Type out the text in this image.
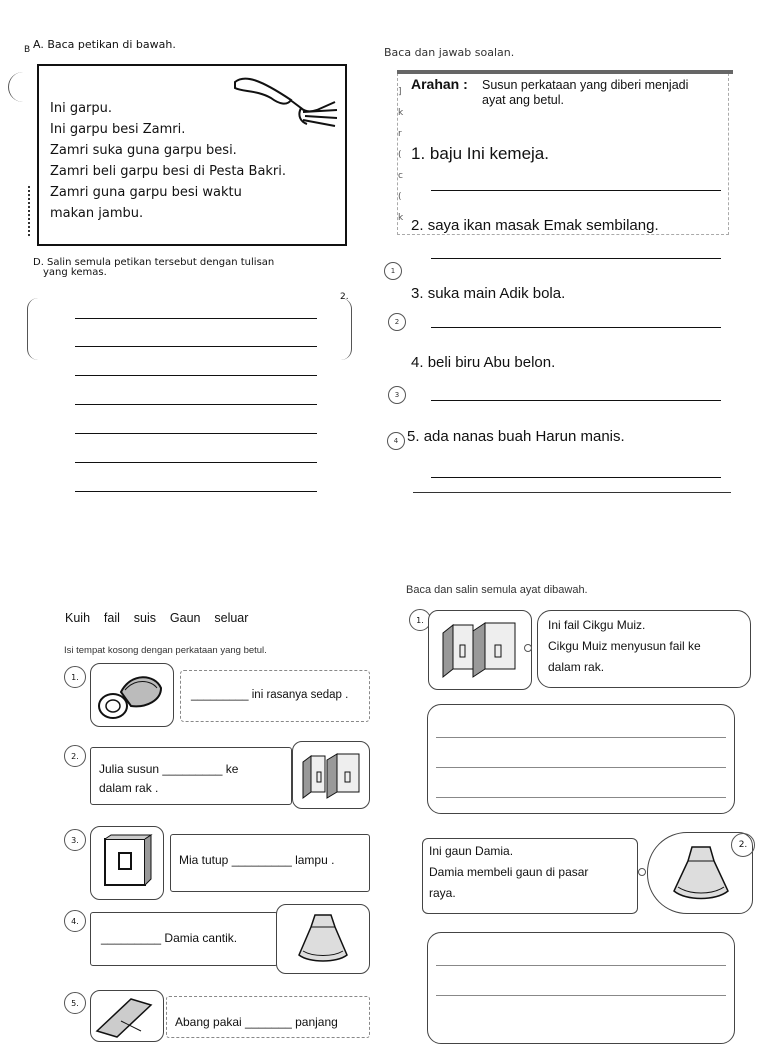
B A. Baca petikan di bawah.
Ini garpu.
Ini garpu besi Zamri.
Zamri suka guna garpu besi.
Zamri beli garpu besi di Pesta Bakri.
Zamri guna garpu besi waktu
makan jambu.
D. Salin semula petikan tersebut dengan tulisan
yang kemas.
2.
Baca dan jawab soalan.
Arahan : Susun perkataan yang diberi menjadi
ayat ang betul.
]
k
r
(
c
(
k
1. baju Ini kemeja.
2. saya ikan masak Emak sembilang.
1
3. suka main Adik bola.
2
4. beli biru Abu belon.
3
4 5. ada nanas buah Harun manis.
Kuih    fail    suis    Gaun    seluar
Isi tempat kosong dengan perkataan yang betul.
1.
_________ ini rasanya sedap .
2.
Julia susun _________ ke
dalam rak .
3.
Mia tutup _________ lampu .
4.
_________ Damia cantik.
5.
Abang pakai _______ panjang
Baca dan salin semula ayat dibawah.
1.	Ini fail Cikgu Muiz.
Cikgu Muiz menyusun fail ke
dalam rak.
Ini gaun Damia.
Damia membeli gaun di pasar
raya.
2.
